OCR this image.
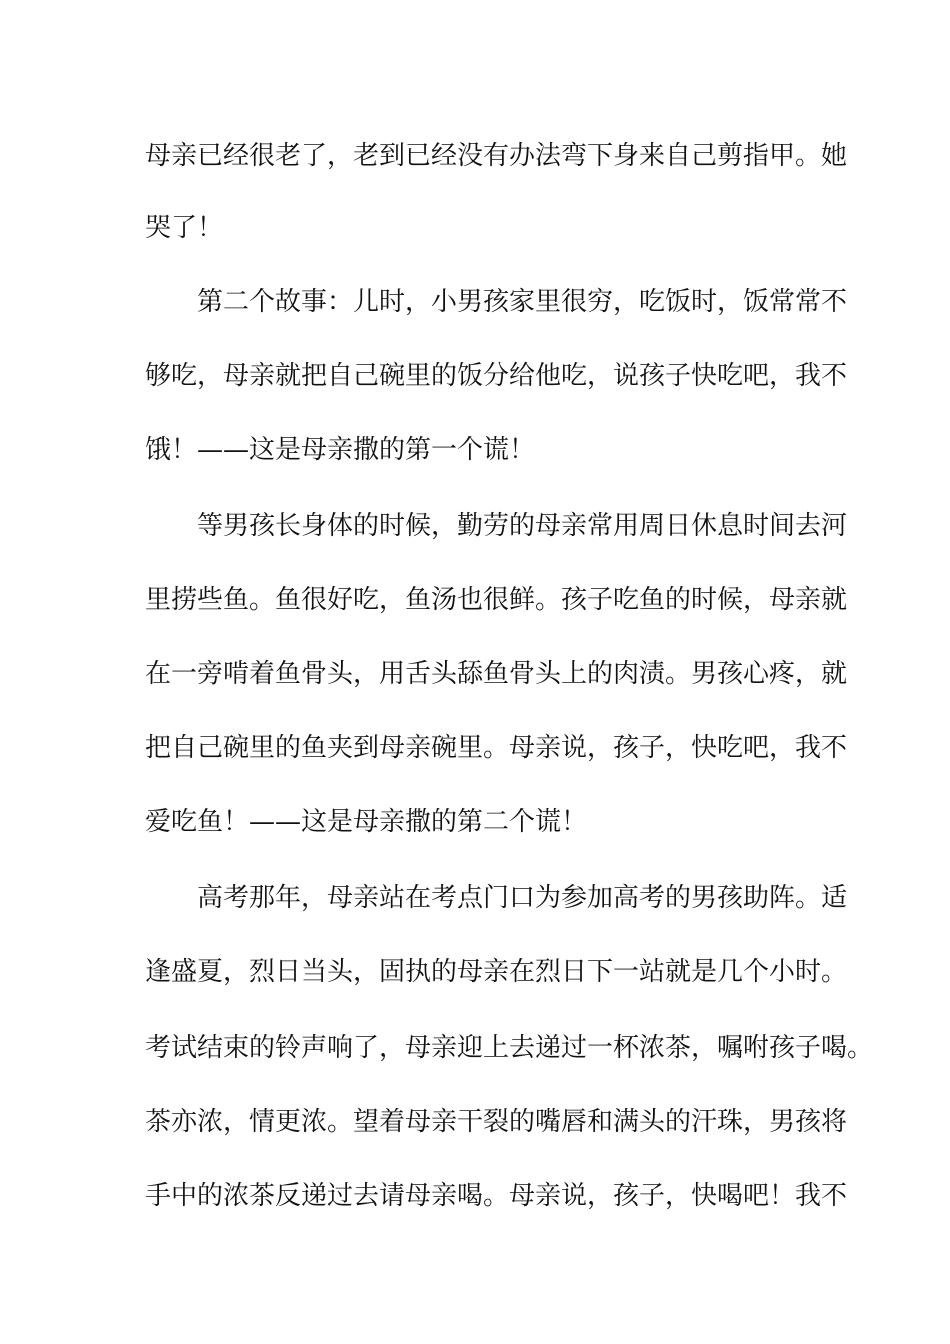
母亲已经很老了，老到已经没有办法弯下身来自己剪指甲。她
哭了！
　　第二个故事：儿时，小男孩家里很穷，吃饭时，饭常常不
够吃，母亲就把自己碗里的饭分给他吃，说孩子快吃吧，我不
饿！——这是母亲撒的第一个谎！
　　等男孩长身体的时候，勤劳的母亲常用周日休息时间去河
里捞些鱼。鱼很好吃，鱼汤也很鲜。孩子吃鱼的时候，母亲就
在一旁啃着鱼骨头，用舌头舔鱼骨头上的肉渍。男孩心疼，就
把自己碗里的鱼夹到母亲碗里。母亲说，孩子，快吃吧，我不
爱吃鱼！——这是母亲撒的第二个谎！
　　高考那年，母亲站在考点门口为参加高考的男孩助阵。适
逢盛夏，烈日当头，固执的母亲在烈日下一站就是几个小时。
考试结束的铃声响了，母亲迎上去递过一杯浓茶，嘱咐孩子喝。
茶亦浓，情更浓。望着母亲干裂的嘴唇和满头的汗珠，男孩将
手中的浓茶反递过去请母亲喝。母亲说，孩子，快喝吧！我不
